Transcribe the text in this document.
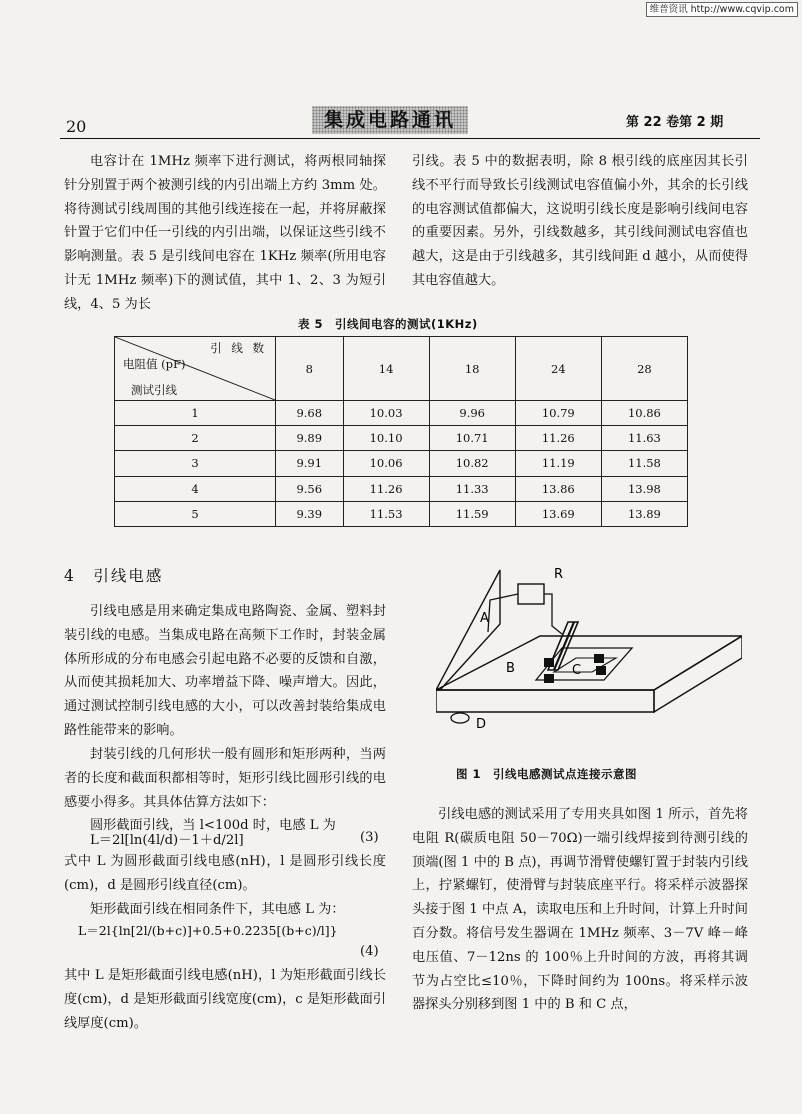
维普资讯 http://www.cqvip.com
20	集成电路通讯	第 22 卷第 2 期

电容计在 1MHz 频率下进行测试，将两根同轴探针分别置于两个被测引线的内引出端上方约 3mm 处。将待测试引线周围的其他引线连接在一起，并将屏蔽探针置于它们中任一引线的内引出端，以保证这些引线不影响测量。表 5 是引线间电容在 1KHz 频率(所用电容计无 1MHz 频率)下的测试值，其中 1、2、3 为短引线，4、5 为长

引线。表 5 中的数据表明，除 8 根引线的底座因其长引线不平行而导致长引线测试电容值偏小外，其余的长引线的电容测试值都偏大，这说明引线长度是影响引线间电容的重要因素。另外，引线数越多，其引线间测试电容值也越大，这是由于引线越多，其引线间距 d 越小，从而使得其电容值越大。

表 5　引线间电容的测试(1KHz)
引 线 数
电阻值 (pF)
测试引线	8	14	18	24	28
1	9.68	10.03	9.96	10.79	10.86
2	9.89	10.10	10.71	11.26	11.63
3	9.91	10.06	10.82	11.19	11.58
4	9.56	11.26	11.33	13.86	13.98
5	9.39	11.53	11.59	13.69	13.89
4　引线电感

引线电感是用来确定集成电路陶瓷、金属、塑料封装引线的电感。当集成电路在高频下工作时，封装金属体所形成的分布电感会引起电路不必要的反馈和自激，从而使其损耗加大、功率增益下降、噪声增大。因此，通过测试控制引线电感的大小，可以改善封装给集成电路性能带来的影响。

封装引线的几何形状一般有圆形和矩形两种，当两者的长度和截面积都相等时，矩形引线比圆形引线的电感要小得多。其具体估算方法如下：

圆形截面引线，当 l<100d 时，电感 L 为

L＝2l[ln(4l/d)－1＋d/2l]	(3)

式中 L 为圆形截面引线电感(nH)，l 是圆形引线长度(cm)，d 是圆形引线直径(cm)。

矩形截面引线在相同条件下，其电感 L 为：

L＝2l{ln[2l/(b+c)]+0.5+0.2235[(b+c)/l]}
(4)

其中 L 是矩形截面引线电感(nH)，l 为矩形截面引线长度(cm)，d 是矩形截面引线宽度(cm)，c 是矩形截面引线厚度(cm)。

R
A
B	C
D
图 1　引线电感测试点连接示意图

引线电感的测试采用了专用夹具如图 1 所示，首先将电阻 R(碳质电阻 50－70Ω)一端引线焊接到待测引线的顶端(图 1 中的 B 点)，再调节滑臂使螺钉置于封装内引线上，拧紧螺钉，使滑臂与封装底座平行。将采样示波器探头接于图 1 中点 A，读取电压和上升时间，计算上升时间百分数。将信号发生器调在 1MHz 频率、3－7V 峰－峰电压值、7－12ns 的 100％上升时间的方波，再将其调节为占空比≤10％，下降时间约为 100ns。将采样示波器探头分别移到图 1 中的 B 和 C 点，
